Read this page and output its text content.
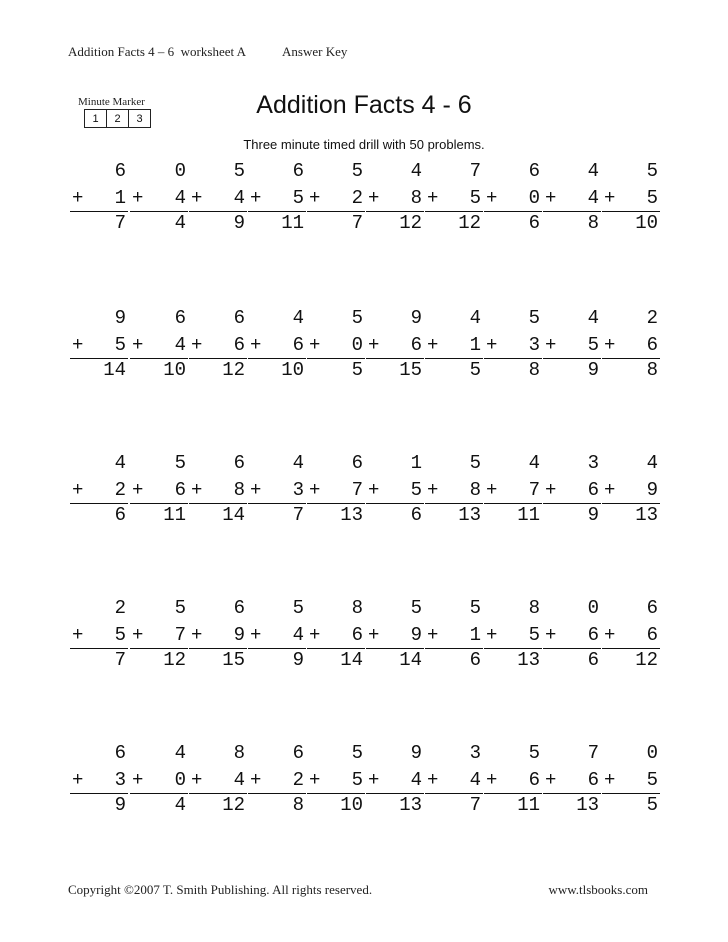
Addition Facts 4 – 6  worksheet A	Answer Key
Minute Marker
1	2	3	Addition Facts 4 - 6
Three minute timed drill with 50 problems.
6
+ 1
7
0
+ 4
4
5
+ 4
9
6
+ 5
11
5
+ 2
7
4
+ 8
12
7
+ 5
12
6
+ 0
6
4
+ 4
8
5
+ 5
10
9
+ 5
14
6
+ 4
10
6
+ 6
12
4
+ 6
10
5
+ 0
5
9
+ 6
15
4
+ 1
5
5
+ 3
8
4
+ 5
9
2
+ 6
8
4
+ 2
6
5
+ 6
11
6
+ 8
14
4
+ 3
7
6
+ 7
13
1
+ 5
6
5
+ 8
13
4
+ 7
11
3
+ 6
9
4
+ 9
13
2
+ 5
7
5
+ 7
12
6
+ 9
15
5
+ 4
9
8
+ 6
14
5
+ 9
14
5
+ 1
6
8
+ 5
13
0
+ 6
6
6
+ 6
12
6
+ 3
9
4
+ 0
4
8
+ 4
12
6
+ 2
8
5
+ 5
10
9
+ 4
13
3
+ 4
7
5
+ 6
11
7
+ 6
13
0
+ 5
5
Copyright ©2007 T. Smith Publishing. All rights reserved.	www.tlsbooks.com
